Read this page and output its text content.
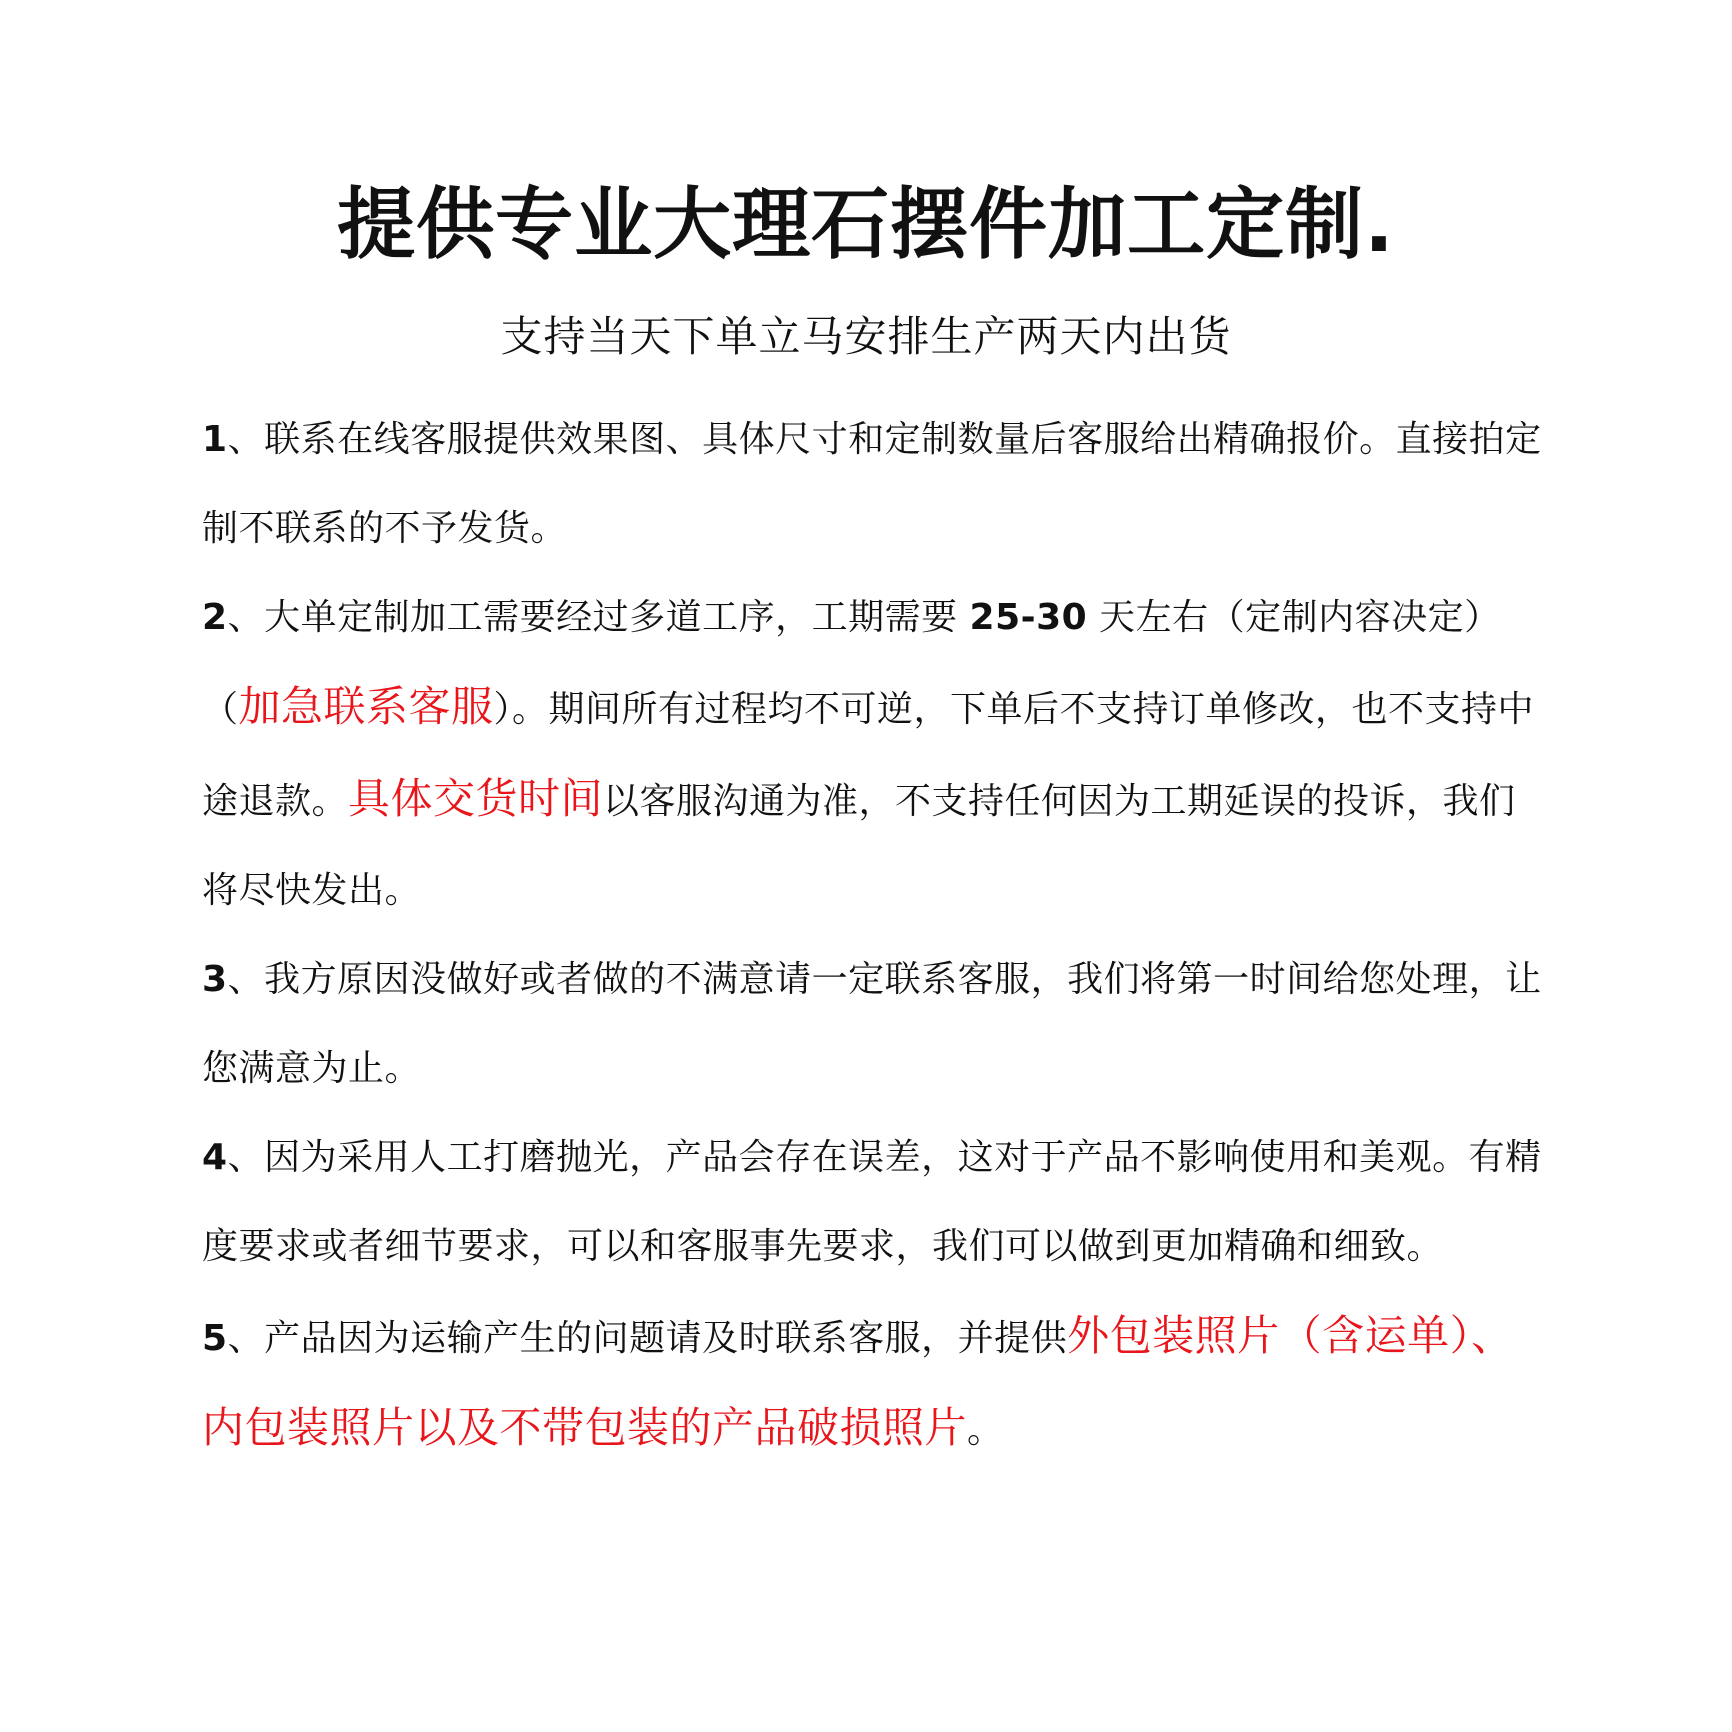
提供专业大理石摆件加工定制.
支持当天下单立马安排生产两天内出货

1、联系在线客服提供效果图、具体尺寸和定制数量后客服给出精确报价。直接拍定制不联系的不予发货。

2、大单定制加工需要经过多道工序，工期需要 25-30 天左右（定制内容决定）（加急联系客服）。期间所有过程均不可逆，下单后不支持订单修改，也不支持中途退款。具体交货时间以客服沟通为准，不支持任何因为工期延误的投诉，我们将尽快发出。

3、我方原因没做好或者做的不满意请一定联系客服，我们将第一时间给您处理，让您满意为止。

4、因为采用人工打磨抛光，产品会存在误差，这对于产品不影响使用和美观。有精度要求或者细节要求，可以和客服事先要求，我们可以做到更加精确和细致。

5、产品因为运输产生的问题请及时联系客服，并提供外包装照片（含运单）、内包装照片以及不带包装的产品破损照片。
